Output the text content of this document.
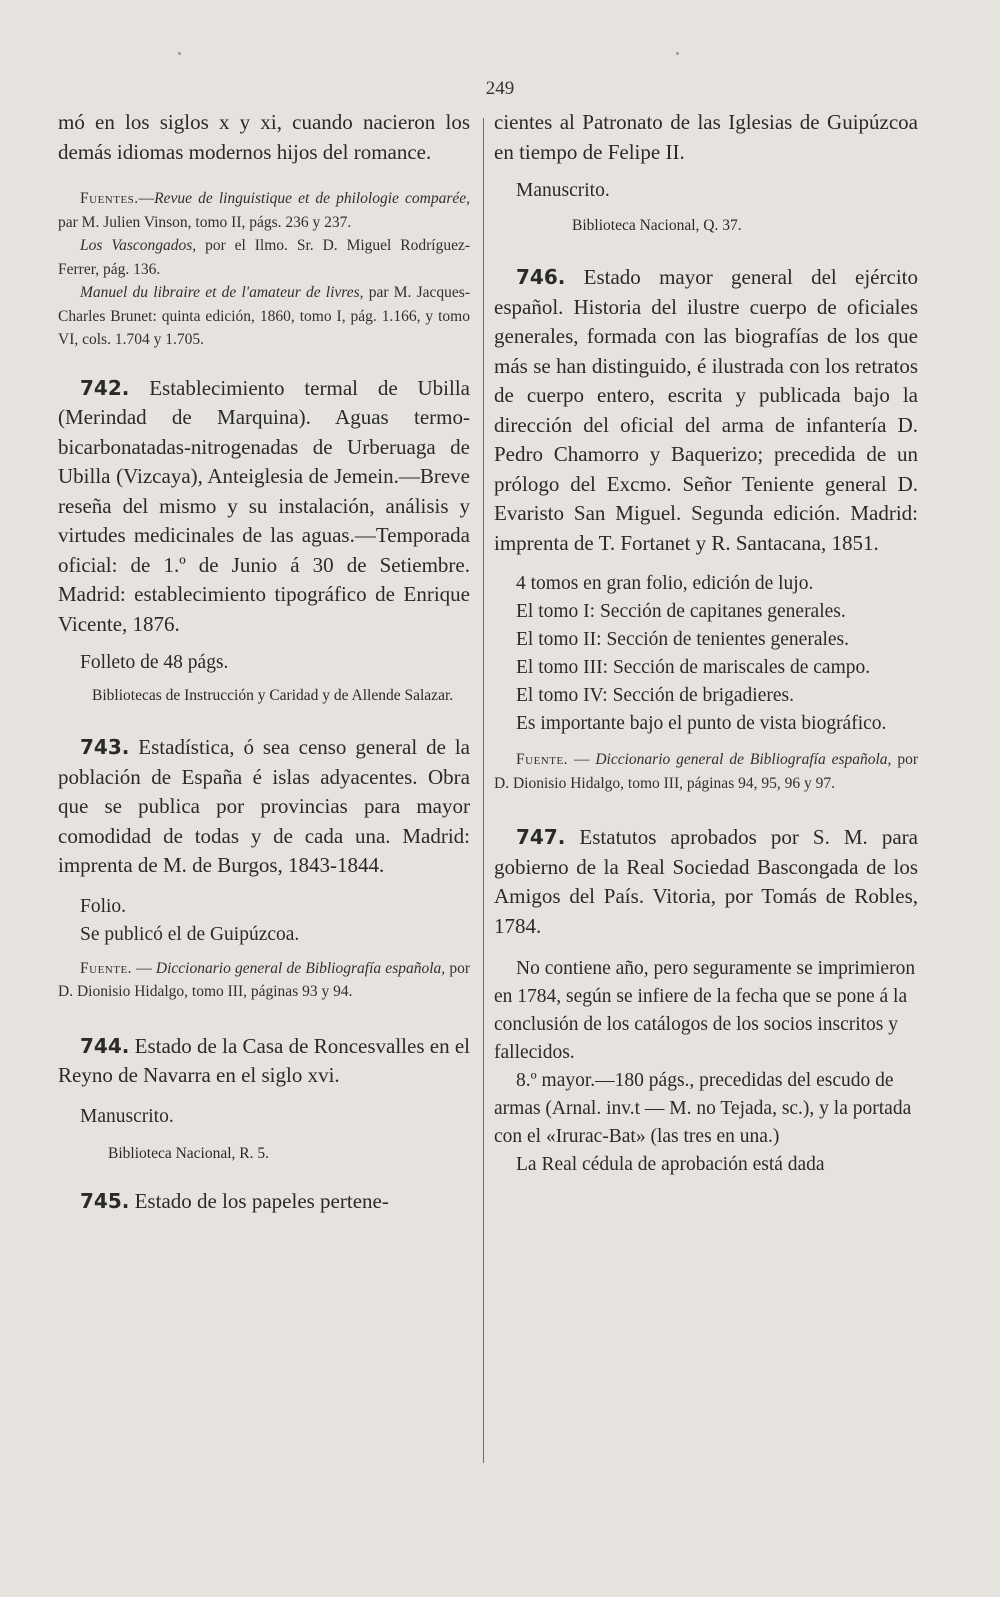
249

mó en los siglos x y xi, cuando nacieron los demás idiomas modernos hijos del romance.

Fuentes.—Revue de linguistique et de philologie comparée, par M. Julien Vinson, tomo II, págs. 236 y 237.

Los Vascongados, por el Ilmo. Sr. D. Miguel Rodríguez-Ferrer, pág. 136.

Manuel du libraire et de l'amateur de livres, par M. Jacques-Charles Brunet: quinta edición, 1860, tomo I, pág. 1.166, y tomo VI, cols. 1.704 y 1.705.

742. Establecimiento termal de Ubilla (Merindad de Marquina). Aguas termo-bicarbonatadas-nitrogenadas de Urberuaga de Ubilla (Vizcaya), Anteiglesia de Jemein.—Breve reseña del mismo y su instalación, análisis y virtudes medicinales de las aguas.—Temporada oficial: de 1.º de Junio á 30 de Setiembre. Madrid: establecimiento tipográfico de Enrique Vicente, 1876.

Folleto de 48 págs.

Bibliotecas de Instrucción y Caridad y de Allende Salazar.

743. Estadística, ó sea censo general de la población de España é islas adyacentes. Obra que se publica por provincias para mayor comodidad de todas y de cada una. Madrid: imprenta de M. de Burgos, 1843-1844.

Folio.

Se publicó el de Guipúzcoa.

Fuente. — Diccionario general de Bibliografía española, por D. Dionisio Hidalgo, tomo III, páginas 93 y 94.

744. Estado de la Casa de Roncesvalles en el Reyno de Navarra en el siglo xvi.

Manuscrito.

Biblioteca Nacional, R. 5.

745. Estado de los papeles pertene-

cientes al Patronato de las Iglesias de Guipúzcoa en tiempo de Felipe II.

Manuscrito.

Biblioteca Nacional, Q. 37.

746. Estado mayor general del ejército español. Historia del ilustre cuerpo de oficiales generales, formada con las biografías de los que más se han distinguido, é ilustrada con los retratos de cuerpo entero, escrita y publicada bajo la dirección del oficial del arma de infantería D. Pedro Chamorro y Baquerizo; precedida de un prólogo del Excmo. Señor Teniente general D. Evaristo San Miguel. Segunda edición. Madrid: imprenta de T. Fortanet y R. Santacana, 1851.

4 tomos en gran folio, edición de lujo.

El tomo I: Sección de capitanes generales.

El tomo II: Sección de tenientes generales.

El tomo III: Sección de mariscales de campo.

El tomo IV: Sección de brigadieres.

Es importante bajo el punto de vista biográfico.

Fuente. — Diccionario general de Bibliografía española, por D. Dionisio Hidalgo, tomo III, páginas 94, 95, 96 y 97.

747. Estatutos aprobados por S. M. para gobierno de la Real Sociedad Bascongada de los Amigos del País. Vitoria, por Tomás de Robles, 1784.

No contiene año, pero seguramente se imprimieron en 1784, según se infiere de la fecha que se pone á la conclusión de los catálogos de los socios inscritos y fallecidos.

8.º mayor.—180 págs., precedidas del escudo de armas (Arnal. inv.t — M. no Tejada, sc.), y la portada con el «Irurac-Bat» (las tres en una.)

La Real cédula de aprobación está dada
